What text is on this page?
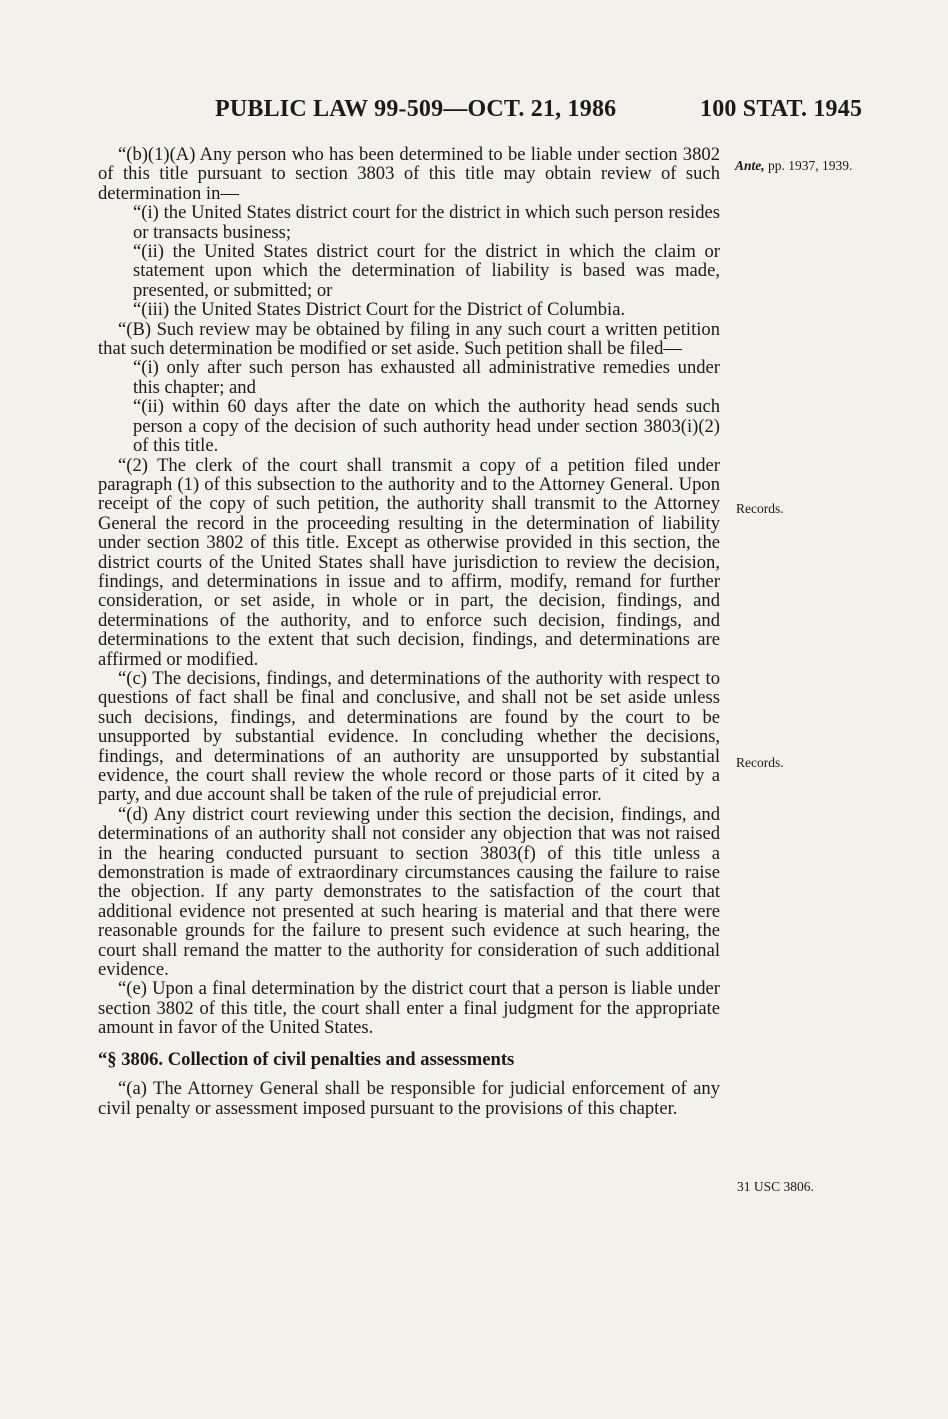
PUBLIC LAW 99-509—OCT. 21, 1986	100 STAT. 1945

“(b)(1)(A) Any person who has been determined to be liable under section 3802 of this title pursuant to section 3803 of this title may obtain review of such determination in—

“(i) the United States district court for the district in which such person resides or transacts business;

“(ii) the United States district court for the district in which the claim or statement upon which the determination of liability is based was made, presented, or submitted; or

“(iii) the United States District Court for the District of Columbia.

“(B) Such review may be obtained by filing in any such court a written petition that such determination be modified or set aside. Such petition shall be filed—

“(i) only after such person has exhausted all administrative remedies under this chapter; and

“(ii) within 60 days after the date on which the authority head sends such person a copy of the decision of such authority head under section 3803(i)(2) of this title.

“(2) The clerk of the court shall transmit a copy of a petition filed under paragraph (1) of this subsection to the authority and to the Attorney General. Upon receipt of the copy of such petition, the authority shall transmit to the Attorney General the record in the proceeding resulting in the determination of liability under section 3802 of this title. Except as otherwise provided in this section, the district courts of the United States shall have jurisdiction to review the decision, findings, and determinations in issue and to affirm, modify, remand for further consideration, or set aside, in whole or in part, the decision, findings, and determinations of the authority, and to enforce such decision, findings, and determinations to the extent that such decision, findings, and determinations are affirmed or modified.

“(c) The decisions, findings, and determinations of the authority with respect to questions of fact shall be final and conclusive, and shall not be set aside unless such decisions, findings, and determinations are found by the court to be unsupported by substantial evidence. In concluding whether the decisions, findings, and determinations of an authority are unsupported by substantial evidence, the court shall review the whole record or those parts of it cited by a party, and due account shall be taken of the rule of prejudicial error.

“(d) Any district court reviewing under this section the decision, findings, and determinations of an authority shall not consider any objection that was not raised in the hearing conducted pursuant to section 3803(f) of this title unless a demonstration is made of extraordinary circumstances causing the failure to raise the objection. If any party demonstrates to the satisfaction of the court that additional evidence not presented at such hearing is material and that there were reasonable grounds for the failure to present such evidence at such hearing, the court shall remand the matter to the authority for consideration of such additional evidence.

“(e) Upon a final determination by the district court that a person is liable under section 3802 of this title, the court shall enter a final judgment for the appropriate amount in favor of the United States.

“§ 3806. Collection of civil penalties and assessments

“(a) The Attorney General shall be responsible for judicial enforcement of any civil penalty or assessment imposed pursuant to the provisions of this chapter.

Ante, pp. 1937, 1939.
Records.
Records.
31 USC 3806.
